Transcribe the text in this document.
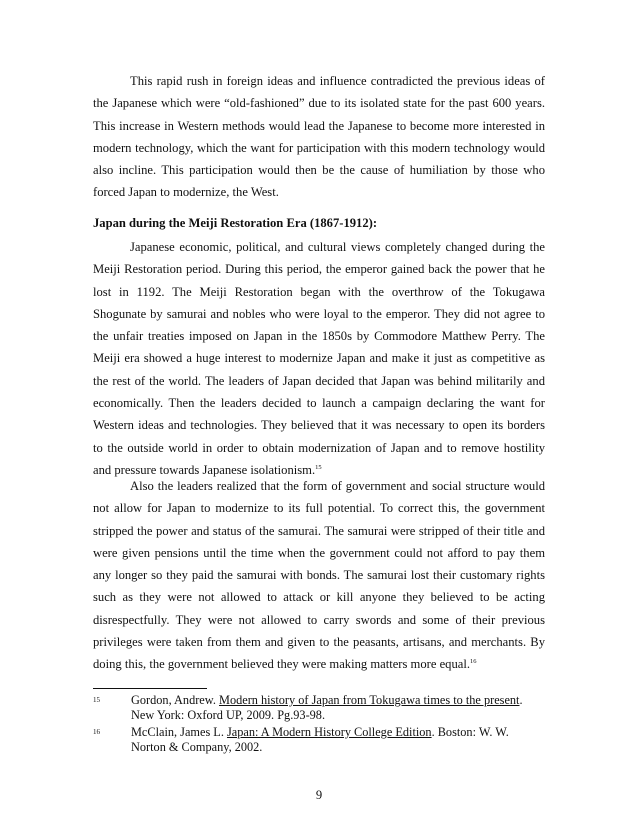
This rapid rush in foreign ideas and influence contradicted the previous ideas of the Japanese which were “old-fashioned” due to its isolated state for the past 600 years. This increase in Western methods would lead the Japanese to become more interested in modern technology, which the want for participation with this modern technology would also incline. This participation would then be the cause of humiliation by those who forced Japan to modernize, the West.

Japan during the Meiji Restoration Era (1867-1912):

Japanese economic, political, and cultural views completely changed during the Meiji Restoration period. During this period, the emperor gained back the power that he lost in 1192. The Meiji Restoration began with the overthrow of the Tokugawa Shogunate by samurai and nobles who were loyal to the emperor. They did not agree to the unfair treaties imposed on Japan in the 1850s by Commodore Matthew Perry. The Meiji era showed a huge interest to modernize Japan and make it just as competitive as the rest of the world. The leaders of Japan decided that Japan was behind militarily and economically. Then the leaders decided to launch a campaign declaring the want for Western ideas and technologies. They believed that it was necessary to open its borders to the outside world in order to obtain modernization of Japan and to remove hostility and pressure towards Japanese isolationism.$^{15}$

Also the leaders realized that the form of government and social structure would not allow for Japan to modernize to its full potential. To correct this, the government stripped the power and status of the samurai. The samurai were stripped of their title and were given pensions until the time when the government could not afford to pay them any longer so they paid the samurai with bonds. The samurai lost their customary rights such as they were not allowed to attack or kill anyone they believed to be acting disrespectfully. They were not allowed to carry swords and some of their previous privileges were taken from them and given to the peasants, artisans, and merchants. By doing this, the government believed they were making matters more equal.$^{16}$

15	Gordon, Andrew. Modern history of Japan from Tokugawa times to the present. New York: Oxford UP, 2009. Pg.93-98.
16	McClain, James L. Japan: A Modern History College Edition. Boston: W. W. Norton & Company, 2002.
9
